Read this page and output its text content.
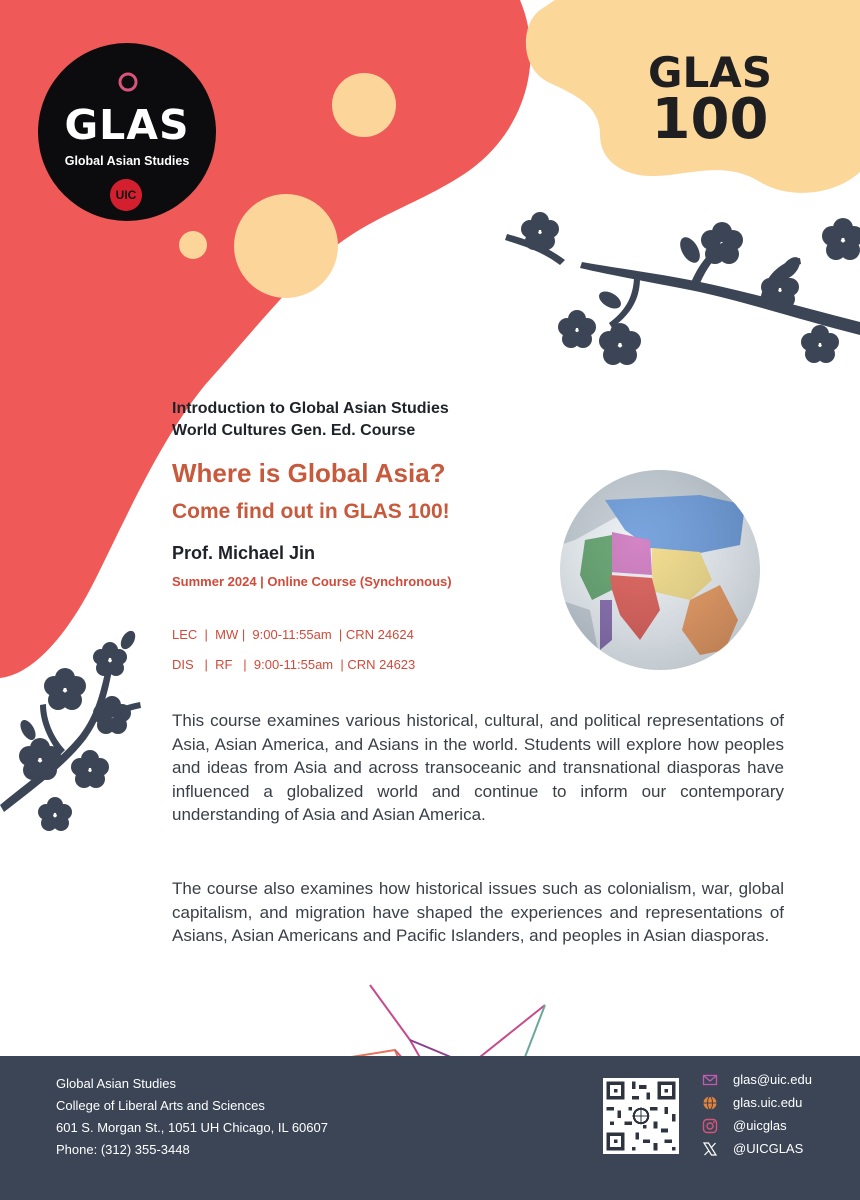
GLAS
Global Asian Studies
UIC
GLAS
100
Introduction to Global Asian Studies
World Cultures Gen. Ed. Course
Where is Global Asia?
Come find out in GLAS 100!
Prof. Michael Jin
Summer 2024 | Online Course (Synchronous)
LEC  |  MW |  9:00-11:55am  | CRN 24624
DIS   |  RF   |  9:00-11:55am  | CRN 24623
This course examines various historical, cultural, and political representations of Asia, Asian America, and Asians in the world. Students will explore how peoples and ideas from Asia and across transoceanic and transnational diasporas have influenced a globalized world and continue to inform our contemporary understanding of Asia and Asian America.
The course also examines how historical issues such as colonialism, war, global capitalism, and migration have shaped the experiences and representations of Asians, Asian Americans and Pacific Islanders, and peoples in Asian diasporas.
Global Asian Studies
College of Liberal Arts and Sciences
601 S. Morgan St., 1051 UH Chicago, IL 60607
Phone: (312) 355-3448
glas@uic.edu
glas.uic.edu
@uicglas
@UICGLAS
